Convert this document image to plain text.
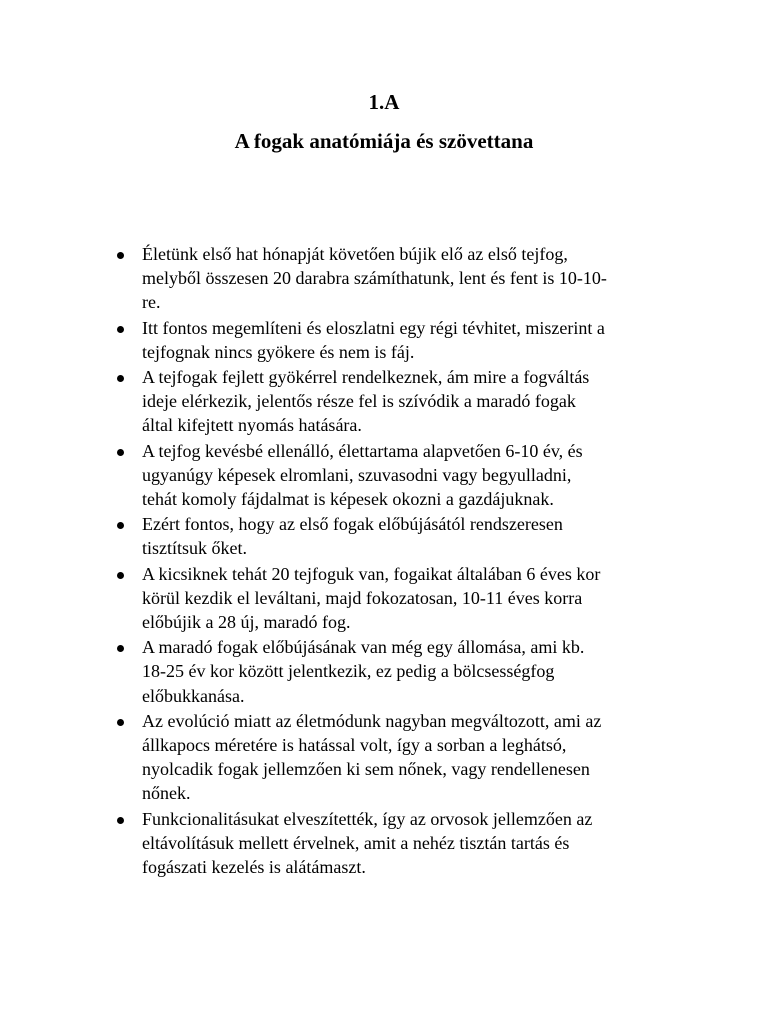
1.A
A fogak anatómiája és szövettana
Életünk első hat hónapját követően bújik elő az első tejfog,
melyből összesen 20 darabra számíthatunk, lent és fent is 10-10-
re.
Itt fontos megemlíteni és eloszlatni egy régi tévhitet, miszerint a
tejfognak nincs gyökere és nem is fáj.
A tejfogak fejlett gyökérrel rendelkeznek, ám mire a fogváltás
ideje elérkezik, jelentős része fel is szívódik a maradó fogak
által kifejtett nyomás hatására.
A tejfog kevésbé ellenálló, élettartama alapvetően 6-10 év, és
ugyanúgy képesek elromlani, szuvasodni vagy begyulladni,
tehát komoly fájdalmat is képesek okozni a gazdájuknak.
Ezért fontos, hogy az első fogak előbújásától rendszeresen
tisztítsuk őket.
A kicsiknek tehát 20 tejfoguk van, fogaikat általában 6 éves kor
körül kezdik el leváltani, majd fokozatosan, 10-11 éves korra
előbújik a 28 új, maradó fog.
A maradó fogak előbújásának van még egy állomása, ami kb.
18-25 év kor között jelentkezik, ez pedig a bölcsességfog
előbukkanása.
Az evolúció miatt az életmódunk nagyban megváltozott, ami az
állkapocs méretére is hatással volt, így a sorban a leghátsó,
nyolcadik fogak jellemzően ki sem nőnek, vagy rendellenesen
nőnek.
Funkcionalitásukat elveszítették, így az orvosok jellemzően az
eltávolításuk mellett érvelnek, amit a nehéz tisztán tartás és
fogászati kezelés is alátámaszt.
